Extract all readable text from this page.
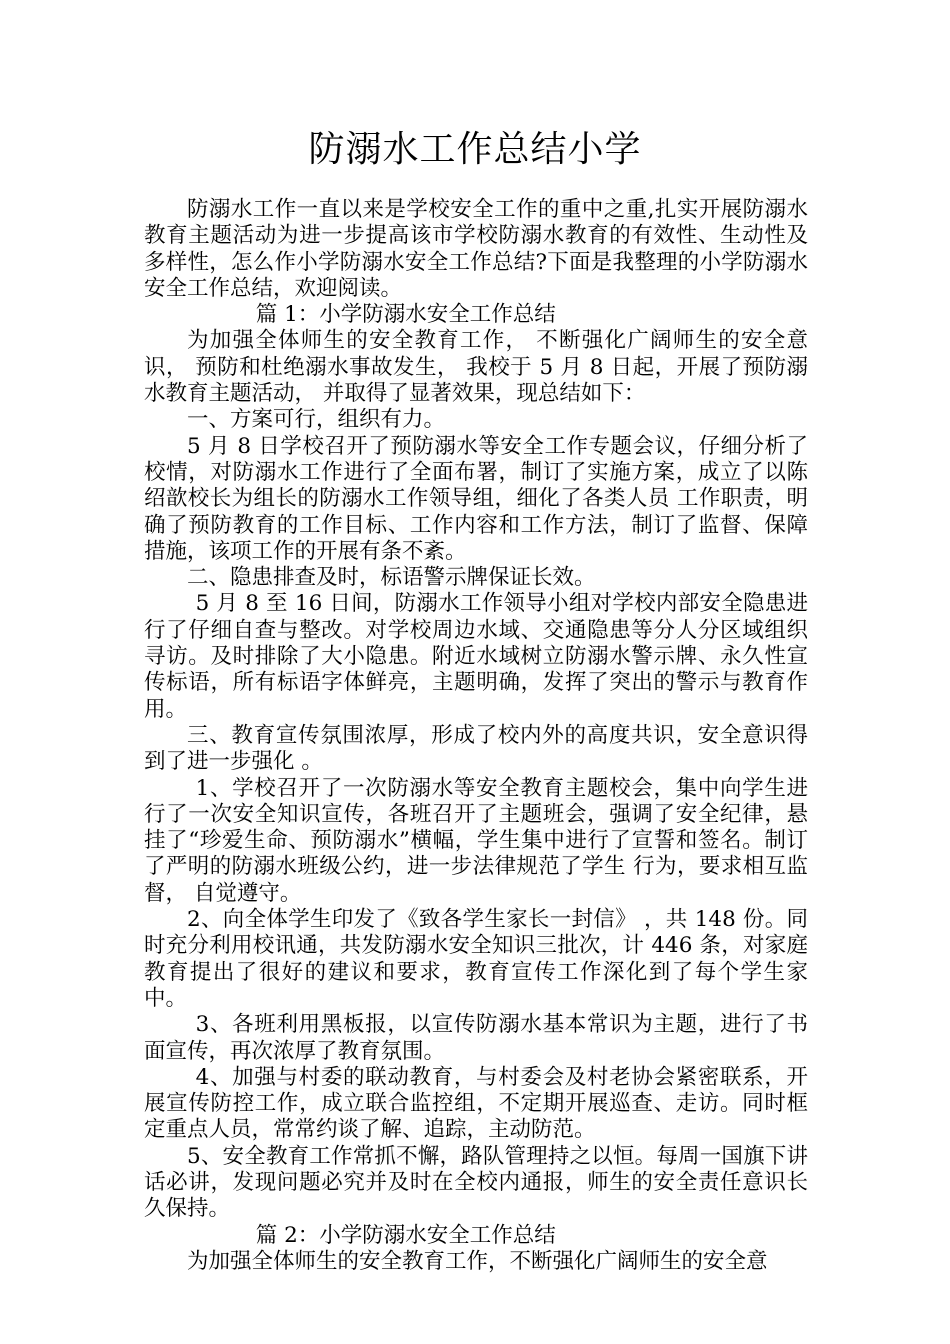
防溺水工作总结小学

防溺水工作一直以来是学校安全工作的重中之重,扎实开展防溺水教育主题活动为进一步提高该市学校防溺水教育的有效性、生动性及多样性，怎么作小学防溺水安全工作总结?下面是我整理的小学防溺水安全工作总结，欢迎阅读。

篇 1：小学防溺水安全工作总结

为加强全体师生的安全教育工作， 不断强化广阔师生的安全意识， 预防和杜绝溺水事故发生， 我校于 5 月 8 日起，开展了预防溺水教育主题活动， 并取得了显著效果，现总结如下：

一、方案可行，组织有力。

5 月 8 日学校召开了预防溺水等安全工作专题会议，仔细分析了校情，对防溺水工作进行了全面布署，制订了实施方案，成立了以陈绍歆校长为组长的防溺水工作领导组，细化了各类人员 工作职责，明确了预防教育的工作目标、工作内容和工作方法，制订了监督、保障措施，该项工作的开展有条不紊。

二、隐患排查及时，标语警示牌保证长效。

5 月 8 至 16 日间，防溺水工作领导小组对学校内部安全隐患进行了仔细自查与整改。对学校周边水域、交通隐患等分人分区域组织寻访。及时排除了大小隐患。附近水域树立防溺水警示牌、永久性宣传标语，所有标语字体鲜亮，主题明确，发挥了突出的警示与教育作用。

三、教育宣传氛围浓厚，形成了校内外的高度共识，安全意识得到了进一步强化 。

1、学校召开了一次防溺水等安全教育主题校会，集中向学生进行了一次安全知识宣传，各班召开了主题班会，强调了安全纪律，悬挂了“珍爱生命、预防溺水”横幅，学生集中进行了宣誓和签名。制订了严明的防溺水班级公约，进一步法律规范了学生 行为，要求相互监督， 自觉遵守。

2、向全体学生印发了《致各学生家长一封信》 ，共 148 份。同时充分利用校讯通，共发防溺水安全知识三批次，计 446 条，对家庭教育提出了很好的建议和要求，教育宣传工作深化到了每个学生家中。

3、各班利用黑板报，以宣传防溺水基本常识为主题，进行了书面宣传，再次浓厚了教育氛围。

4、加强与村委的联动教育，与村委会及村老协会紧密联系，开展宣传防控工作，成立联合监控组，不定期开展巡查、走访。同时框定重点人员，常常约谈了解、追踪，主动防范。

5、安全教育工作常抓不懈，路队管理持之以恒。每周一国旗下讲话必讲，发现问题必究并及时在全校内通报，师生的安全责任意识长久保持。

篇 2：小学防溺水安全工作总结

为加强全体师生的安全教育工作，不断强化广阔师生的安全意
